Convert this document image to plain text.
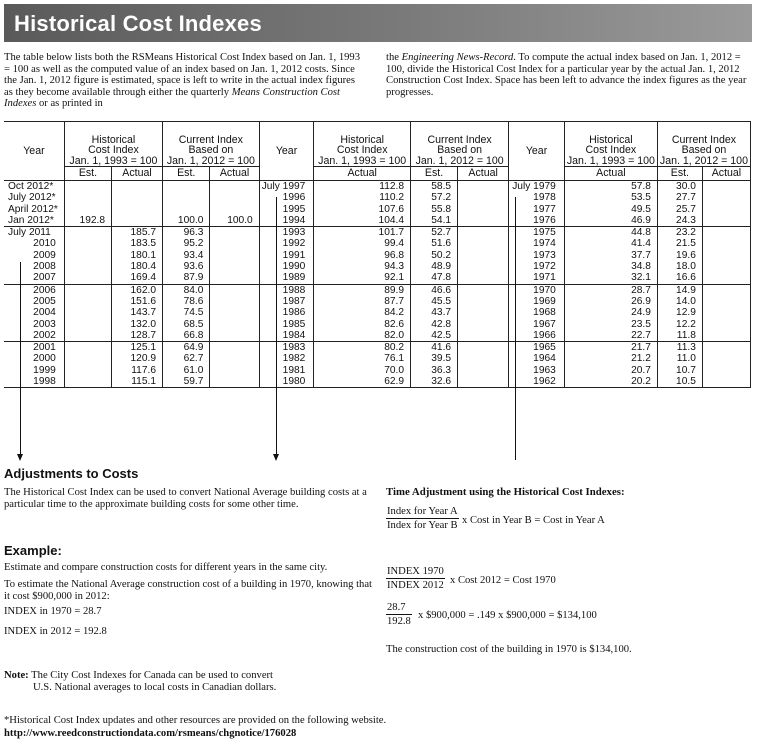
Historical Cost Indexes
The table below lists both the RSMeans Historical Cost Index based on Jan. 1, 1993 = 100 as well as the computed value of an index based on Jan. 1, 2012 costs. Since the Jan. 1, 2012 figure is estimated, space is left to write in the actual index figures as they become available through either the quarterly Means Construction Cost Indexes or as printed in
the Engineering News-Record. To compute the actual index based on Jan. 1, 2012 = 100, divide the Historical Cost Index for a particular year by the actual Jan. 1, 2012 Construction Cost Index. Space has been left to advance the index figures as the year progresses.
Year	Historical
Cost Index
Jan. 1, 1993 = 100		Current Index
Based on
Jan. 1, 2012 = 100		Year	Historical
Cost Index
Jan. 1, 1993 = 100	Current Index
Based on
Jan. 1, 2012 = 100		Year	Historical
Cost Index
Jan. 1, 1993 = 100	Current Index
Based on
Jan. 1, 2012 = 100	
	Est.	Actual	Est.	Actual		Actual	Est.	Actual		Actual	Est.	Actual
Oct 2012*					July 1997	112.8	58.5		July 1979	57.8	30.0	
July 2012*					1996	110.2	57.2		1978	53.5	27.7	
April 2012*					1995	107.6	55.8		1977	49.5	25.7	
Jan 2012*	192.8		100.0	100.0	1994	104.4	54.1		1976	46.9	24.3	
July 2011		185.7	96.3		1993	101.7	52.7		1975	44.8	23.2	
2010		183.5	95.2		1992	99.4	51.6		1974	41.4	21.5	
2009		180.1	93.4		1991	96.8	50.2		1973	37.7	19.6	
2008		180.4	93.6		1990	94.3	48.9		1972	34.8	18.0	
2007		169.4	87.9		1989	92.1	47.8		1971	32.1	16.6	
2006		162.0	84.0		1988	89.9	46.6		1970	28.7	14.9	
2005		151.6	78.6		1987	87.7	45.5		1969	26.9	14.0	
2004		143.7	74.5		1986	84.2	43.7		1968	24.9	12.9	
2003		132.0	68.5		1985	82.6	42.8		1967	23.5	12.2	
2002		128.7	66.8		1984	82.0	42.5		1966	22.7	11.8	
2001		125.1	64.9		1983	80.2	41.6		1965	21.7	11.3	
2000		120.9	62.7		1982	76.1	39.5		1964	21.2	11.0	
1999		117.6	61.0		1981	70.0	36.3		1963	20.7	10.7	
1998		115.1	59.7		1980	62.9	32.6		1962	20.2	10.5	
Adjustments to Costs
The Historical Cost Index can be used to convert National Average building costs at a particular time to the approximate building costs for some other time.
Time Adjustment using the Historical Cost Indexes:
Index for Year A
Index for Year B x Cost in Year B = Cost in Year A
Example:
Estimate and compare construction costs for different years in the same city.
To estimate the National Average construction cost of a building in 1970, knowing that it cost $900,000 in 2012:
INDEX in 1970 = 28.7
INDEX in 2012 = 192.8
INDEX 1970
INDEX 2012 x Cost 2012 = Cost 1970
$\frac{28.7}{192.8}$ x $900,000 = .149 x $900,000 = $134,100
The construction cost of the building in 1970 is $134,100.
Note: The City Cost Indexes for Canada can be used to convert
U.S. National averages to local costs in Canadian dollars.
*Historical Cost Index updates and other resources are provided on the following website.
http://www.reedconstructiondata.com/rsmeans/chgnotice/176028
